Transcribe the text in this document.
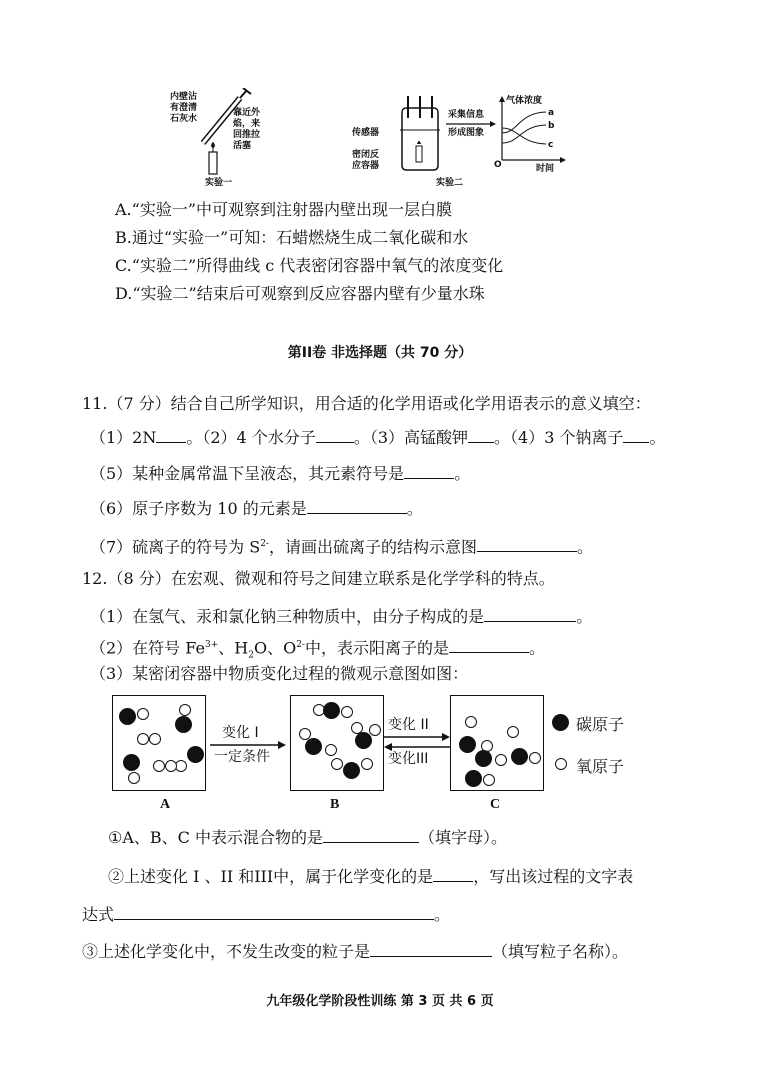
内壁沾
有澄清
石灰水
靠近外
焰，来
回推拉
活塞
实验一
传感器
密闭反
应容器
采集信息
形成图象
气体浓度
a
b
c
O	时间
实验二
A.“实验一”中可观察到注射器内壁出现一层白膜
B.通过“实验一”可知：石蜡燃烧生成二氧化碳和水
C.“实验二”所得曲线 c 代表密闭容器中氧气的浓度变化
D.“实验二”结束后可观察到反应容器内壁有少量水珠
第II卷 非选择题（共 70 分）
11.（7 分）结合自己所学知识，用合适的化学用语或化学用语表示的意义填空：
（1）2N 。（2）4 个水分子 。（3）高锰酸钾 。（4）3 个钠离子 。
（5）某种金属常温下呈液态，其元素符号是	。
（6）原子序数为 10 的元素是	。
（7）硫离子的符号为 $S^{2-}$，请画出硫离子的结构示意图	。
12.（8 分）在宏观、微观和符号之间建立联系是化学学科的特点。
（1）在氢气、汞和氯化钠三种物质中，由分子构成的是	。
（2）在符号 $Fe^{3+}$、$H_2O$、$O^{2-}$中，表示阳离子的是	。
（3）某密闭容器中物质变化过程的微观示意图如图：
A
变化 I
一定条件
B
变化 II
变化III
C
碳原子
氧原子
①A、B、C 中表示混合物的是	（填字母）。
②上述变化 I 、II 和III中，属于化学变化的是	，写出该过程的文字表
达式	。
③上述化学变化中，不发生改变的粒子是	（填写粒子名称）。
九年级化学阶段性训练 第 3 页 共 6 页
